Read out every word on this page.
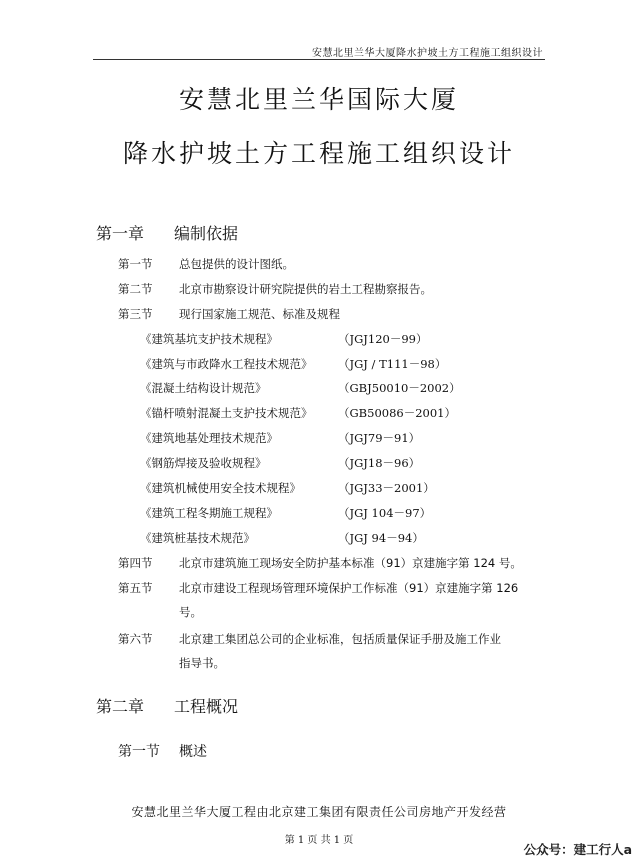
安慧北里兰华大厦降水护坡土方工程施工组织设计
安慧北里兰华国际大厦
降水护坡土方工程施工组织设计
第一章 编制依据
第一节 总包提供的设计图纸。
第二节 北京市勘察设计研究院提供的岩土工程勘察报告。
第三节 现行国家施工规范、标准及规程
《建筑基坑支护技术规程》	（JGJ120－99）
《建筑与市政降水工程技术规范》 （JGJ / T111－98）
《混凝土结构设计规范》	（GBJ50010－2002）
《锚杆喷射混凝土支护技术规范》 （GB50086－2001）
《建筑地基处理技术规范》	（JGJ79－91）
《钢筋焊接及验收规程》	（JGJ18－96）
《建筑机械使用安全技术规程》	（JGJ33－2001）
《建筑工程冬期施工规程》	（JGJ 104－97）
《建筑桩基技术规范》	（JGJ 94－94）
第四节 北京市建筑施工现场安全防护基本标准（91）京建施字第 124 号。
第五节 北京市建设工程现场管理环境保护工作标准（91）京建施字第 126
号。
第六节 北京建工集团总公司的企业标准，包括质量保证手册及施工作业
指导书。
第二章 工程概况
第一节 概述
安慧北里兰华大厦工程由北京建工集团有限责任公司房地产开发经营
第 1 页 共 1 页
公众号：建工行人a
